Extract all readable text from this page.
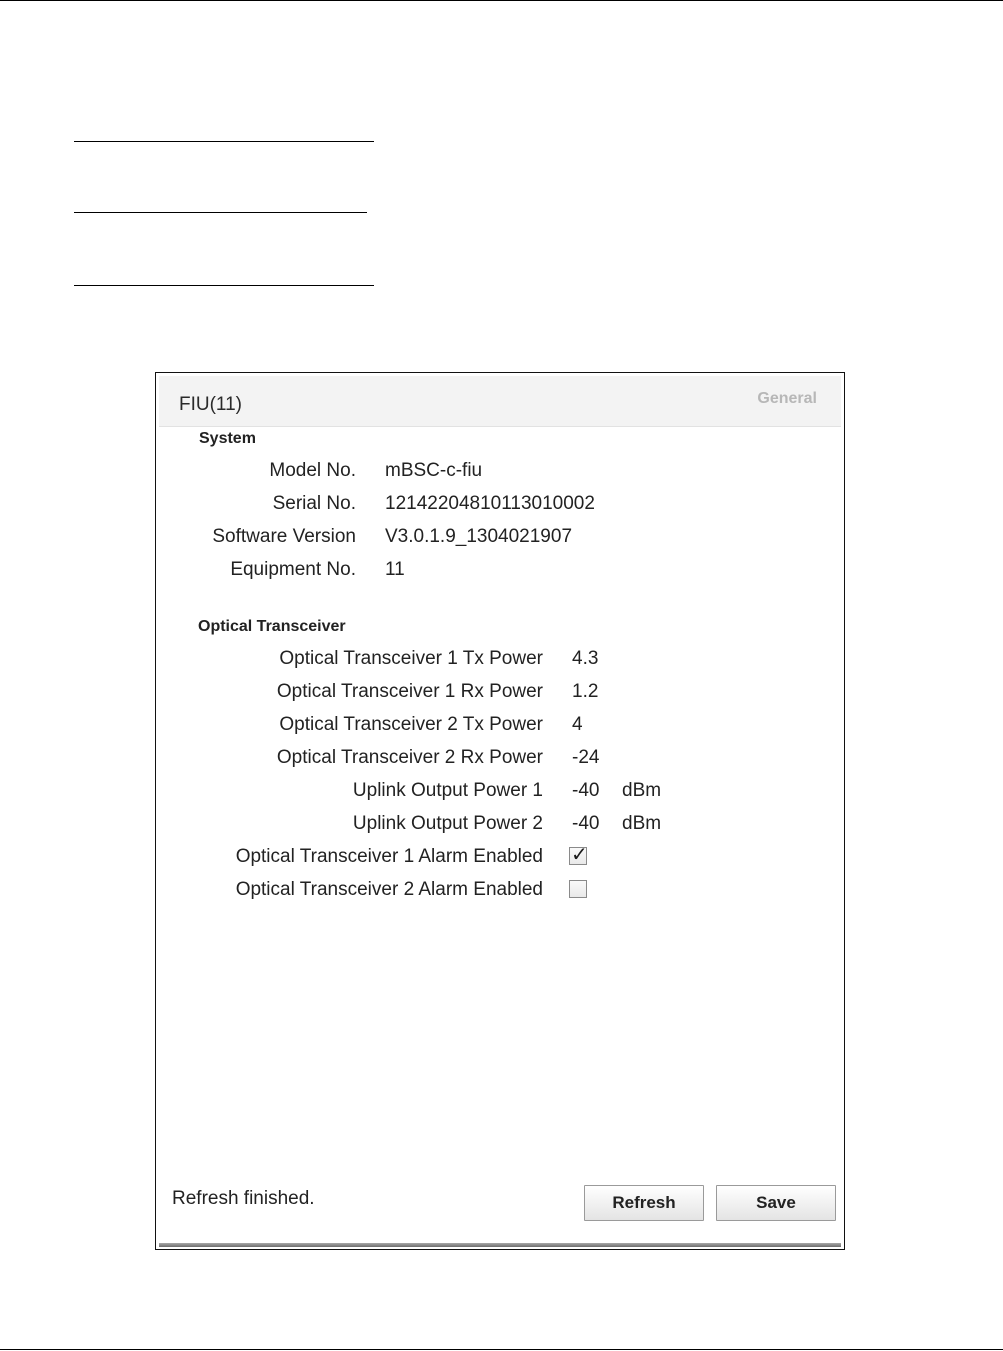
FIU(11)	General
System
Model No. mBSC-c-fiu
Serial No. 12142204810113010002
Software Version V3.0.1.9_1304021907
Equipment No. 11
Optical Transceiver
Optical Transceiver 1 Tx Power 4.3
Optical Transceiver 1 Rx Power 1.2
Optical Transceiver 2 Tx Power 4
Optical Transceiver 2 Rx Power -24
Uplink Output Power 1 -40 dBm
Uplink Output Power 2 -40 dBm
Optical Transceiver 1 Alarm Enabled ✓
Optical Transceiver 2 Alarm Enabled
Refresh finished.	Refresh	Save
